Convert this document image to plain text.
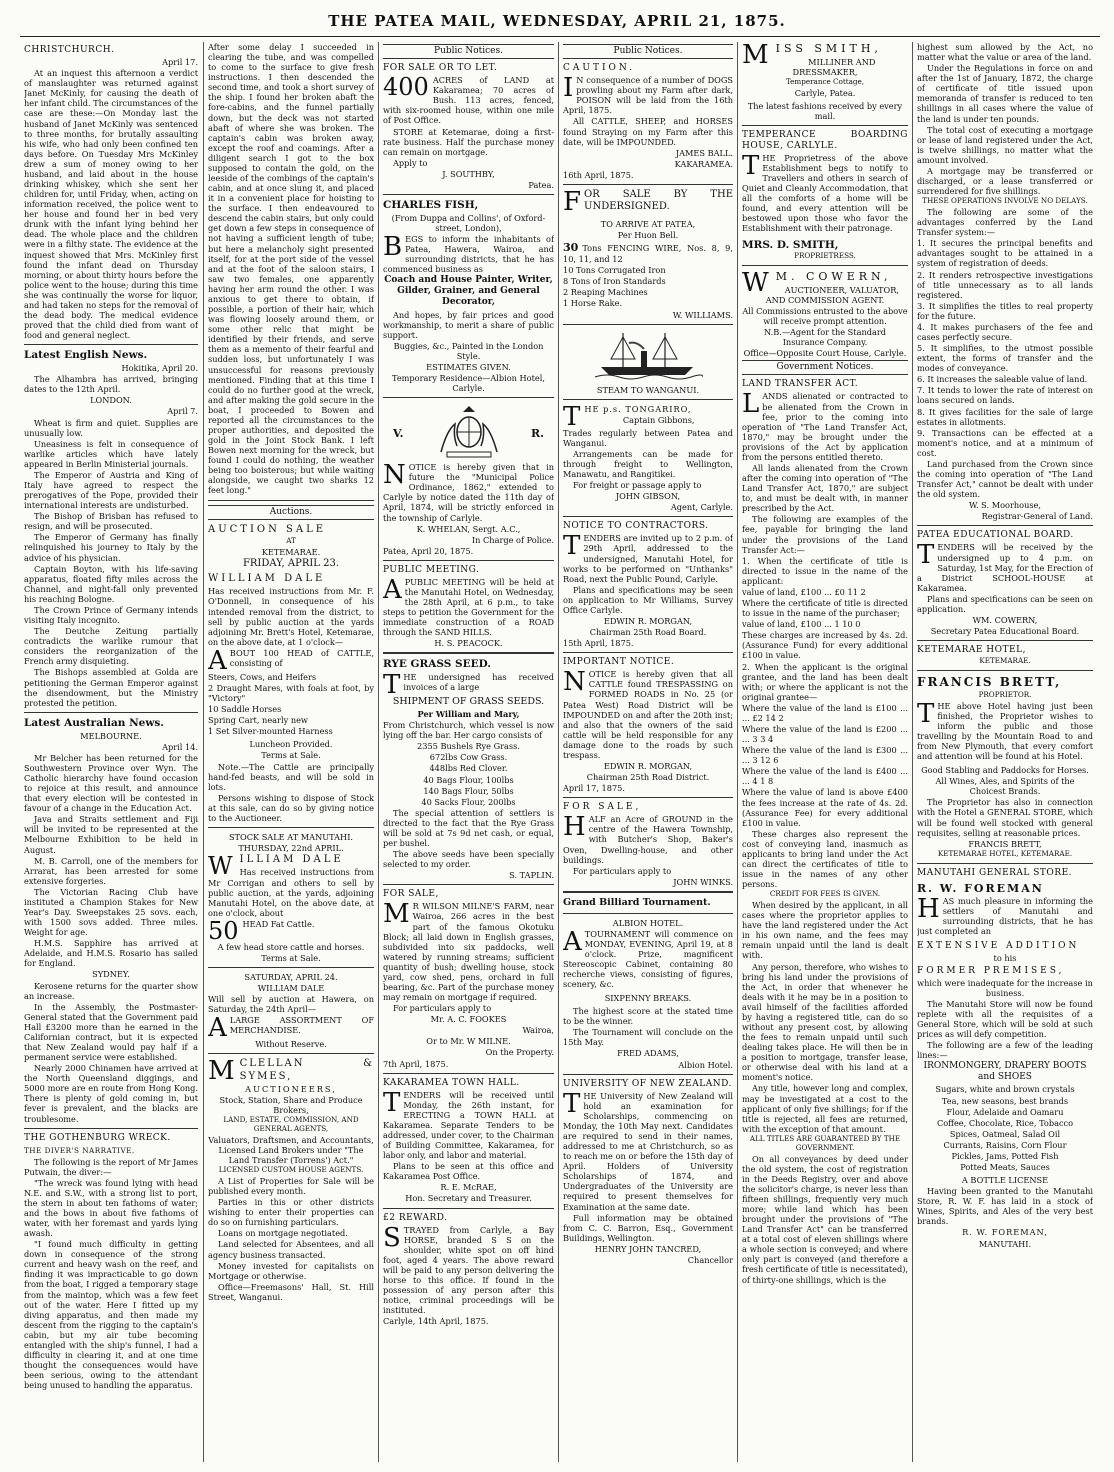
THE PATEA MAIL, WEDNESDAY, APRIL 21, 1875.

CHRISTCHURCH.

April 17.

At an inquest this afternoon a verdict of manslaughter was returned against Janet McKinly, for causing the death of her infant child. The circumstances of the case are these:—On Monday last the husband of Janet McKinly was sentenced to three months, for brutally assaulting his wife, who had only been confined ten days before. On Tuesday Mrs McKinley drew a sum of money owing to her husband, and laid about in the house drinking whiskey, which she sent her children for, until Friday, when, acting on information received, the police went to her house and found her in bed very drunk with the infant lying behind her dead. The whole place and the children were in a filthy state. The evidence at the inquest showed that Mrs. McKinley first found the infant dead on Thursday morning, or about thirty hours before the police went to the house; during this time she was continually the worse for liquor, and had taken no steps for the removal of the dead body. The medical evidence proved that the child died from want of food and general neglect.

Latest English News.

Hokitika, April 20.

The Alhambra has arrived, bringing dates to the 12th April.

LONDON.

April 7.

Wheat is firm and quiet. Supplies are unusually low.

Uneasiness is felt in consequence of warlike articles which have lately appeared in Berlin Ministerial journals.

The Emperor of Austria and King of Italy have agreed to respect the prerogatives of the Pope, provided their international interests are undisturbed.

The Bishop of Brisban has refused to resign, and will be prosecuted.

The Emperor of Germany has finally relinquished his journey to Italy by the advice of his physician.

Captain Boyton, with his life-saving apparatus, floated fifty miles across the Channel, and night-fall only prevented his reaching Bologne.

The Crown Prince of Germany intends visiting Italy incognito.

The Deutche Zeitung partially contradicts the warlike rumour that considers the reorganization of the French army disquieting.

The Bishops assembled at Golda are petitioning the German Emperor against the disendowment, but the Ministry protested the petition.

Latest Australian News.

MELBOURNE.

April 14.

Mr Belcher has been returned for the Southwestern Province over Wyn. The Catholic hierarchy have found occasion to rejoice at this result, and announce that every election will be contested in favour of a change in the Education Act.

Java and Straits settlement and Fiji will be invited to be represented at the Melbourne Exhibition to be held in August.

M. B. Carroll, one of the members for Arrarat, has been arrested for some extensive forgeries.

The Victorian Racing Club have instituted a Champion Stakes for New Year's Day. Sweepstakes 25 sovs. each, with 1500 sovs added. Three miles. Weight for age.

H.M.S. Sapphire has arrived at Adelaide, and H.M.S. Rosario has sailed for England.

SYDNEY.

Kerosene returns for the quarter show an increase.

In the Assembly, the Postmaster-General stated that the Government paid Hall £3200 more than he earned in the Californian contract, but it is expected that New Zealand would pay half if a permanent service were established.

Nearly 2000 Chinamen have arrived at the North Queensland diggings, and 5000 more are en route from Hong Kong. There is plenty of gold coming in, but fever is prevalent, and the blacks are troublesome.

THE GOTHENBURG WRECK.

THE DIVER'S NARRATIVE.

The following is the report of Mr James Putwain, the diver:—

"The wreck was found lying with head N.E. and S.W., with a strong list to port, the stern in about ten fathoms of water; and the bows in about five fathoms of water, with her foremast and yards lying awash.

"I found much difficulty in getting down in consequence of the strong current and heavy wash on the reef, and finding it was impracticable to go down from the boat, I rigged a temporary stage from the maintop, which was a few feet out of the water. Here I fitted up my diving apparatus, and then made my descent from the rigging to the captain's cabin, but my air tube becoming entangled with the ship's funnel, I had a difficulty in clearing it, and at one time thought the consequences would have been serious, owing to the attendant being unused to handling the apparatus.

After some delay I succeeded in clearing the tube, and was compelled to come to the surface to give fresh instructions. I then descended the second time, and took a short survey of the ship. I found her broken abaft the fore-cabins, and the funnel partially down, but the deck was not started abaft of where she was broken. The captain's cabin was broken away, except the roof and coamings. After a diligent search I got to the box supposed to contain the gold, on the leeside of the combings of the captain's cabin, and at once slung it, and placed it in a convenient place for hoisting to the surface. I then endeavoured to descend the cabin stairs, but only could get down a few steps in consequence of not having a sufficient length of tube; but here a melancholy sight presented itself, for at the port side of the vessel and at the foot of the saloon stairs, I saw two females, one apparently having her arm round the other. I was anxious to get there to obtain, if possible, a portion of their hair, which was flowing loosely around them, or some other relic that might be identified by their friends, and serve them as a memento of their fearful and sudden loss, but unfortunately I was unsuccessful for reasons previously mentioned. Finding that at this time I could do no further good at the wreck, and after making the gold secure in the boat, I proceeded to Bowen and reported all the circumstances to the proper authorities, and deposited the gold in the Joint Stock Bank. I left Bowen next morning for the wreck, but found I could do nothing, the weather being too boisterous; but while waiting alongside, we caught two sharks 12 feet long."

Auctions.

AUCTION SALE

AT

KETEMARAE.

FRIDAY, APRIL 23.

WILLIAM DALE

Has received instructions from Mr. F. O'Donnell, in consequence of his intended removal from the district, to sell by public auction at the yards adjoining Mr. Brett's Hotel, Ketemarae, on the above date, at 1 o'clock—

ABOUT 100 HEAD of CATTLE, consisting of

Steers, Cows, and Heifers

2 Draught Mares, with foals at foot, by "Victory"

10 Saddle Horses

Spring Cart, nearly new

1 Set Silver-mounted Harness

Luncheon Provided.

Terms at Sale.

Note.—The Cattle are principally hand-fed beasts, and will be sold in lots.

Persons wishing to dispose of Stock at this sale, can do so by giving notice to the Auctioneer.

STOCK SALE AT MANUTAHI.

THURSDAY, 22nd APRIL.

WILLIAM DALE

Has received instructions from Mr Corrigan and others to sell by public auction, at the yards, adjoining Manutahi Hotel, on the above date, at one o'clock, about

50 HEAD Fat Cattle.

A few head store cattle and horses.

Terms at Sale.

SATURDAY, APRIL 24.

WILLIAM DALE

Will sell by auction at Hawera, on Saturday, the 24th April—

ALARGE ASSORTMENT OF MERCHANDISE.

Without Reserve.

MCLELLAN & SYMES,

AUCTIONEERS,

Stock, Station, Share and Produce Brokers,

LAND, ESTATE, COMMISSION, AND GENERAL AGENTS,

Valuators, Draftsmen, and Accountants, Licensed Land Brokers under "The Land Transfer (Torrens') Act."

LICENSED CUSTOM HOUSE AGENTS.

A List of Properties for Sale will be published every month.

Parties in this or other districts wishing to enter their properties can do so on furnishing particulars.

Loans on mortgage negotiated.

Land selected for Absentees, and all agency business transacted.

Money invested for capitalists on Mortgage or otherwise.

Office—Freemasons' Hall, St. Hill Street, Wanganui.

Public Notices.

FOR SALE OR TO LET.

400 ACRES of LAND at Kakaramea; 70 acres of Bush. 113 acres, fenced, with six-roomed house, within one mile of Post Office.

STORE at Ketemarae, doing a first-rate business. Half the purchase money can remain on mortgage.

Apply to

J. SOUTHBY,

Patea.

CHARLES FISH,

(From Duppa and Collins', of Oxford-street, London),

BEGS to inform the inhabitants of Patea, Hawera, Wairoa, and surrounding districts, that he has commenced business as

Coach and House Painter, Writer, Gilder, Grainer, and General Decorator,

And hopes, by fair prices and good workmanship, to merit a share of public support.

Buggies, &c., Painted in the London Style.

ESTIMATES GIVEN.

Temporary Residence—Albion Hotel, Carlyle.

V.	R.

NOTICE is hereby given that in future the "Municipal Police Ordinance, 1862," extended to Carlyle by notice dated the 11th day of April, 1874, will be strictly enforced in the township of Carlyle.

K. WHELAN, Sergt. A.C.,

In Charge of Police.

Patea, April 20, 1875.

PUBLIC MEETING.

APUBLIC MEETING will be held at the Manutahi Hotel, on Wednesday, the 28th April, at 6 p.m., to take steps to petition the Government for the immediate construction of a ROAD through the SAND HILLS.

H. S. PEACOCK.

RYE GRASS SEED.

THE undersigned has received invoices of a large

SHIPMENT OF GRASS SEEDS.

Per William and Mary,

From Christchurch, which vessel is now lying off the bar. Her cargo consists of

2355 Bushels Rye Grass.

672lbs Cow Grass.

448lbs Red Clover.

40 Bags Flour, 100lbs

140 Bags Flour, 50lbs

40 Sacks Flour, 200lbs

The special attention of settlers is directed to the fact that the Rye Grass will be sold at 7s 9d net cash, or equal, per bushel.

The above seeds have been specially selected to my order.

S. TAPLIN.

FOR SALE,

M R WILSON MILNE'S FARM, near Wairoa, 266 acres in the best part of the famous Okotuku Block; all laid down in English grasses, subdivided into six paddocks, well watered by running streams; sufficient quantity of bush; dwelling house, stock yard, cow shed, pens, orchard in full bearing, &c. Part of the purchase money may remain on mortgage if required.

For particulars apply to

Mr. A. C. FOOKES

Wairoa,

Or to Mr. W MILNE.

On the Property.

7th April, 1875.

KAKARAMEA TOWN HALL.

TENDERS will be received until Monday, the 26th instant, for ERECTING a TOWN HALL at Kakaramea. Separate Tenders to be addressed, under cover, to the Chairman of Building Committee, Kakaramea, for labor only, and labor and material.

Plans to be seen at this office and Kakaramea Post Office.

R. E. McRAE,

Hon. Secretary and Treasurer.

£2 REWARD.

STRAYED from Carlyle, a Bay HORSE, branded S S on the shoulder, white spot on off hind foot, aged 4 years. The above reward will be paid to any person delivering the horse to this office. If found in the possession of any person after this notice, criminal proceedings will be instituted.

Carlyle, 14th April, 1875.

Public Notices.

CAUTION.

I N consequence of a number of DOGS prowling about my Farm after dark, POISON will be laid from the 16th April, 1875.

All CATTLE, SHEEP, and HORSES found Straying on my Farm after this date, will be IMPOUNDED.

JAMES BALL.

KAKARAMEA.

16th April, 1875.

FOR SALE BY THE UNDERSIGNED.

TO ARRIVE AT PATEA,

Per Huon Bell.

30 Tons FENCING WIRE, Nos. 8, 9, 10, 11, and 12

10 Tons Corrugated Iron

8 Tons of Iron Standards

2 Reaping Machines

1 Horse Rake.

W. WILLIAMS.

STEAM TO WANGANUI.

THE p.s. TONGARIRO,

Captain Gibbons,

Trades regularly between Patea and Wanganui.

Arrangements can be made for through freight to Wellington, Manawatu, and Rangitikei.

For freight or passage apply to

JOHN GIBSON,

Agent, Carlyle.

NOTICE TO CONTRACTORS.

TENDERS are invited up to 2 p.m. of 29th April, addressed to the undersigned, Manutahi Hotel, for works to be performed on "Unthanks" Road, next the Public Pound, Carlyle.

Plans and specifications may be seen on application to Mr Williams, Survey Office Carlyle.

EDWIN R. MORGAN,

Chairman 25th Road Board.

15th April, 1875.

IMPORTANT NOTICE.

NOTICE is hereby given that all CATTLE found TRESPASSING on FORMED ROADS in No. 25 (or Patea West) Road District will be IMPOUNDED on and after the 20th inst; and also that the owners of the said cattle will be held responsible for any damage done to the roads by such trespass.

EDWIN R. MORGAN,

Chairman 25th Road District.

April 17, 1875.

FOR SALE,

HALF an Acre of GROUND in the centre of the Hawera Township, with Butcher's Shop, Baker's Oven, Dwelling-house, and other buildings.

For particulars apply to

JOHN WINKS.

Grand Billiard Tournament.

ALBION HOTEL.

ATOURNAMENT will commence on MONDAY, EVENING, April 19, at 8 o'clock. Prize, magnificent Stereoscopic Cabinet, containing 80 recherche views, consisting of figures, scenery, &c.

SIXPENNY BREAKS.

The highest score at the stated time to be the winner.

The Tournament will conclude on the 15th May.

FRED ADAMS,

Albion Hotel.

UNIVERSITY OF NEW ZEALAND.

THE University of New Zealand will hold an examination for Scholarships, commencing on Monday, the 10th May next. Candidates are required to send in their names, addressed to me at Christchurch, so as to reach me on or before the 15th day of April. Holders of University Scholarships of 1874, and Undergraduates of the University are required to present themselves for Examination at the same date.

Full information may be obtained from C. C. Barron, Esq., Government Buildings, Wellington.

HENRY JOHN TANCRED,

Chancellor

MISS SMITH,

MILLINER AND DRESSMAKER,

Temperance Cottage,

Carlyle, Patea.

The latest fashions received by every mail.

TEMPERANCE BOARDING HOUSE, CARLYLE.

THE Proprietress of the above Establishment begs to notify to Travellers and others in search of Quiet and Cleanly Accommodation, that all the comforts of a home will be found, and every attention will be bestowed upon those who favor the Establishment with their patronage.

MRS. D. SMITH,

PROPRIETRESS.

W M. COWERN,

AUCTIONEER, VALUATOR, AND COMMISSION AGENT.

All Commissions entrusted to the above will receive prompt attention.

N.B.—Agent for the Standard Insurance Company.

Office—Opposite Court House, Carlyle.

Government Notices.

LAND TRANSFER ACT.

LANDS alienated or contracted to be alienated from the Crown in fee, prior to the coming into operation of "The Land Transfer Act, 1870," may be brought under the provisions of the Act by application from the persons entitled thereto.

All lands alienated from the Crown after the coming into operation of "The Land Transfer Act, 1870," are subject to, and must be dealt with, in manner prescribed by the Act.

The following are examples of the fee, payable for bringing the land under the provisions of the Land Transfer Act:—

1. When the certificate of title is directed to issue in the name of the applicant:

value of land, £100 ... £0 11 2

Where the certificate of title is directed to issue in the name of the purchaser;

value of land, £100 ... 1 10 0

These charges are increased by 4s. 2d. (Assurance Fund) for every additional £100 in value.

2. When the applicant is the original grantee, and the land has been dealt with; or where the applicant is not the original grantee—

Where the value of the land is £100 ... ... £2 14 2

Where the value of the land is £200 ... ... 3 3 4

Where the value of the land is £300 ... ... 3 12 6

Where the value of the land is £400 ... ... 4 1 8

Where the value of land is above £400 the fees increase at the rate of 4s. 2d. (Assurance Fee) for every additional £100 in value.

These charges also represent the cost of conveying land, inasmuch as applicants to bring land under the Act can direct the certificates of title to issue in the names of any other persons.

CREDIT FOR FEES IS GIVEN.

When desired by the applicant, in all cases where the proprietor applies to have the land registered under the Act in his own name, and the fees may remain unpaid until the land is dealt with.

Any person, therefore, who wishes to bring his land under the provisions of the Act, in order that whenever he deals with it he may be in a position to avail himself of the facilities afforded by having a registered title, can do so without any present cost, by allowing the fees to remain unpaid until such dealing takes place. He will then be in a position to mortgage, transfer lease, or otherwise deal with his land at a moment's notice.

Any title, however long and complex, may be investigated at a cost to the applicant of only five shillings; for if the title is rejected, all fees are returned, with the exception of that amount.

ALL TITLES ARE GUARANTEED BY THE GOVERNMENT.

On all conveyances by deed under the old system, the cost of registration in the Deeds Registry, over and above the solicitor's charge, is never less than fifteen shillings, frequently very much more; while land which has been brought under the provisions of "The Land Transfer Act" can be transferred at a total cost of eleven shillings where a whole section is conveyed; and where only part is conveyed (and therefore a fresh certificate of title is necessitated), of thirty-one shillings, which is the

highest sum allowed by the Act, no matter what the value or area of the land.

Under the Regulations in force on and after the 1st of January, 1872, the charge of certificate of title issued upon memoranda of transfer is reduced to ten shillings in all cases where the value of the land is under ten pounds.

The total cost of executing a mortgage or lease of land registered under the Act, is twelve shillings, no matter what the amount involved.

A mortgage may be transferred or discharged, or a lease transferred or surrendered for five shillings.

THESE OPERATIONS INVOLVE NO DELAYS.

The following are some of the advantages conferred by the Land Transfer system:—

1. It secures the principal benefits and advantages sought to be attained in a system of registration of deeds.

2. It renders retrospective investigations of title unnecessary as to all lands registered.

3. It simplifies the titles to real property for the future.

4. It makes purchasers of the fee and cases perfectly secure.

5. It simplifies, to the utmost possible extent, the forms of transfer and the modes of conveyance.

6. It increases the saleable value of land.

7. It tends to lower the rate of interest on loans secured on lands.

8. It gives facilities for the sale of large estates in allotments.

9. Transactions can be effected at a moment's notice, and at a minimum of cost.

Land purchased from the Crown since the coming into operation of "The Land Transfer Act," cannot be dealt with under the old system.

W. S. Moorhouse,

Registrar-General of Land.

PATEA EDUCATIONAL BOARD.

TENDERS will be received by the undersigned up to 4 p.m. on Saturday, 1st May, for the Erection of a District SCHOOL-HOUSE at Kakaramea.

Plans and specifications can be seen on application.

WM. COWERN,

Secretary Patea Educational Board.

KETEMARAE HOTEL,

KETEMARAE.

FRANCIS BRETT,

PROPRIETOR.

THE above Hotel having just been finished, the Proprietor wishes to inform the public and those travelling by the Mountain Road to and from New Plymouth, that every comfort and attention will be found at his Hotel.

Good Stabling and Paddocks for Horses.

All Wines, Ales, and Spirits of the Choicest Brands.

The Proprietor has also in connection with the Hotel a GENERAL STORE, which will be found well stocked with general requisites, selling at reasonable prices.

FRANCIS BRETT,

KETEMARAE HOTEL, KETEMARAE.

MANUTAHI GENERAL STORE.

R. W. FOREMAN

HAS much pleasure in informing the settlers of Manutahi and surrounding districts, that he has just completed an

EXTENSIVE ADDITION

to his

FORMER PREMISES,

which were inadequate for the increase in business.

The Manutahi Store will now be found replete with all the requisites of a General Store, which will be sold at such prices as will defy competition.

The following are a few of the leading lines:—

IRONMONGERY, DRAPERY BOOTS and SHOES

Sugars, white and brown crystals

Tea, new seasons, best brands

Flour, Adelaide and Oamaru

Coffee, Chocolate, Rice, Tobacco

Spices, Oatmeal, Salad Oil

Currants, Raisins, Corn Flour

Pickles, Jams, Potted Fish

Potted Meats, Sauces

A BOTTLE LICENSE

Having been granted to the Manutahi Store, R. W. F. has laid in a stock of Wines, Spirits, and Ales of the very best brands.

R. W. FOREMAN,

MANUTAHI.
